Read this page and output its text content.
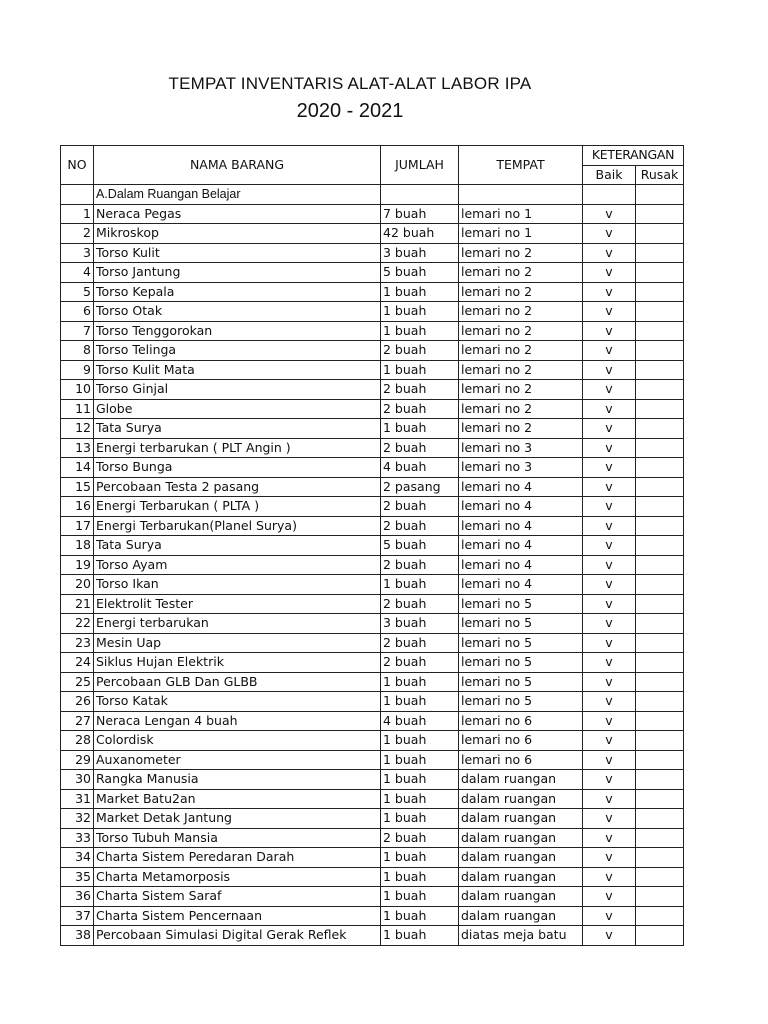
TEMPAT INVENTARIS ALAT-ALAT LABOR IPA
2020 - 2021
NO	NAMA BARANG	JUMLAH	TEMPAT	KETERANGAN	
				Baik	Rusak
	A.Dalam Ruangan Belajar				
1	Neraca Pegas	7 buah	lemari no 1	v	
2	Mikroskop	42 buah	lemari no 1	v	
3	Torso Kulit	3 buah	lemari no 2	v	
4	Torso Jantung	5 buah	lemari no 2	v	
5	Torso Kepala	1 buah	lemari no 2	v	
6	Torso Otak	1 buah	lemari no 2	v	
7	Torso Tenggorokan	1 buah	lemari no 2	v	
8	Torso Telinga	2 buah	lemari no 2	v	
9	Torso Kulit Mata	1 buah	lemari no 2	v	
10	Torso Ginjal	2 buah	lemari no 2	v	
11	Globe	2 buah	lemari no 2	v	
12	Tata Surya	1 buah	lemari no 2	v	
13	Energi terbarukan ( PLT Angin )	2 buah	lemari no 3	v	
14	Torso Bunga	4 buah	lemari no 3	v	
15	Percobaan Testa 2 pasang	2 pasang	lemari no 4	v	
16	Energi Terbarukan ( PLTA )	2 buah	lemari no 4	v	
17	Energi Terbarukan(Planel Surya)	2 buah	lemari no 4	v	
18	Tata Surya	5 buah	lemari no 4	v	
19	Torso Ayam	2 buah	lemari no 4	v	
20	Torso Ikan	1 buah	lemari no 4	v	
21	Elektrolit Tester	2 buah	lemari no 5	v	
22	Energi terbarukan	3 buah	lemari no 5	v	
23	Mesin Uap	2 buah	lemari no 5	v	
24	Siklus Hujan Elektrik	2 buah	lemari no 5	v	
25	Percobaan GLB Dan GLBB	1 buah	lemari no 5	v	
26	Torso Katak	1 buah	lemari no 5	v	
27	Neraca Lengan 4 buah	4 buah	lemari no 6	v	
28	Colordisk	1 buah	lemari no 6	v	
29	Auxanometer	1 buah	lemari no 6	v	
30	Rangka Manusia	1 buah	dalam ruangan	v	
31	Market Batu2an	1 buah	dalam ruangan	v	
32	Market Detak Jantung	1 buah	dalam ruangan	v	
33	Torso Tubuh Mansia	2 buah	dalam ruangan	v	
34	Charta Sistem Peredaran Darah	1 buah	dalam ruangan	v	
35	Charta Metamorposis	1 buah	dalam ruangan	v	
36	Charta Sistem Saraf	1 buah	dalam ruangan	v	
37	Charta Sistem Pencernaan	1 buah	dalam ruangan	v	
38	Percobaan Simulasi Digital Gerak Reflek	1 buah	diatas meja batu	v	
